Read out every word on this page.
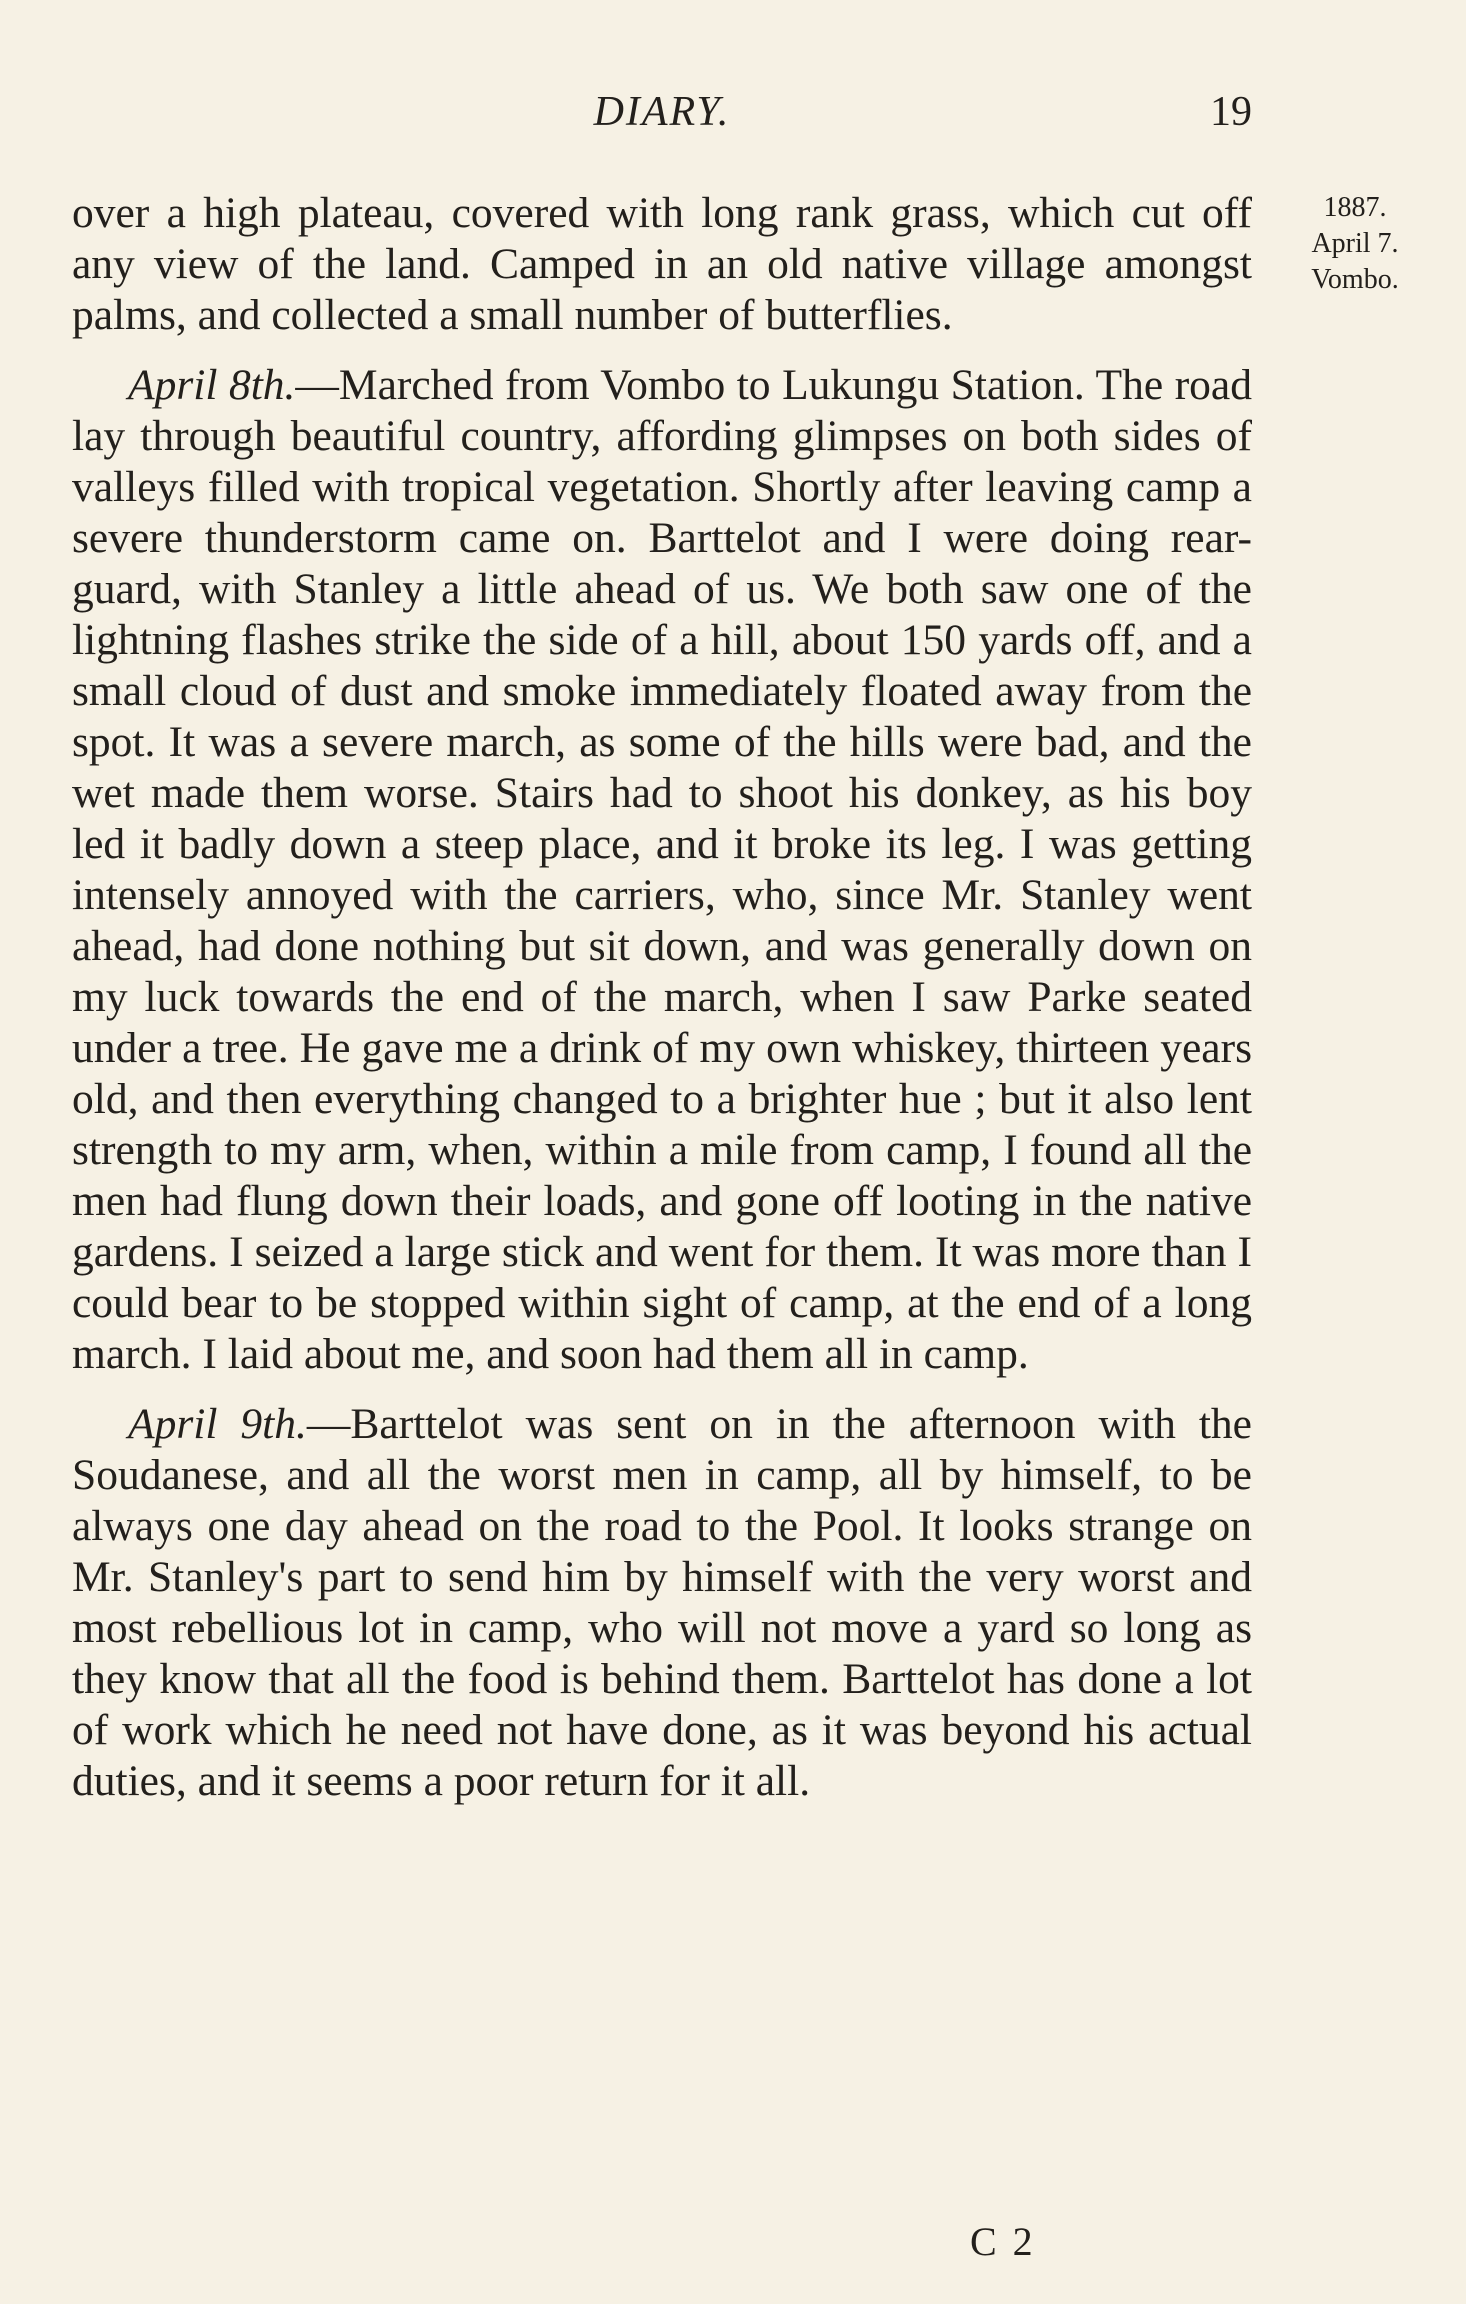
DIARY.	19
1887.
April 7.
Vombo.

over a high plateau, covered with long rank grass, which cut off any view of the land. Camped in an old native village amongst palms, and collected a small number of butterflies.

April 8th.—Marched from Vombo to Lukungu Station. The road lay through beautiful country, affording glimpses on both sides of valleys filled with tropical vegetation. Shortly after leaving camp a severe thunderstorm came on. Barttelot and I were doing rear-guard, with Stanley a little ahead of us. We both saw one of the lightning flashes strike the side of a hill, about 150 yards off, and a small cloud of dust and smoke immediately floated away from the spot. It was a severe march, as some of the hills were bad, and the wet made them worse. Stairs had to shoot his donkey, as his boy led it badly down a steep place, and it broke its leg. I was getting intensely annoyed with the carriers, who, since Mr. Stanley went ahead, had done nothing but sit down, and was generally down on my luck towards the end of the march, when I saw Parke seated under a tree. He gave me a drink of my own whiskey, thirteen years old, and then everything changed to a brighter hue ; but it also lent strength to my arm, when, within a mile from camp, I found all the men had flung down their loads, and gone off looting in the native gardens. I seized a large stick and went for them. It was more than I could bear to be stopped within sight of camp, at the end of a long march. I laid about me, and soon had them all in camp.

April 9th.—Barttelot was sent on in the afternoon with the Soudanese, and all the worst men in camp, all by himself, to be always one day ahead on the road to the Pool. It looks strange on Mr. Stanley's part to send him by himself with the very worst and most rebellious lot in camp, who will not move a yard so long as they know that all the food is behind them. Barttelot has done a lot of work which he need not have done, as it was beyond his actual duties, and it seems a poor return for it all.

C 2
